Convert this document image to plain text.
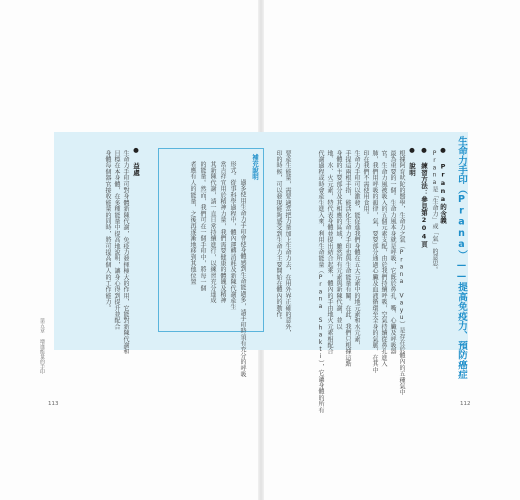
生命力手印（Prana）——提高免疫力、預防癌症
● Prana的含義
Prana是「生命力」或「氣」的意思。
● 練習方法：參見第204頁
● 說明
根據阿育吠陀的醫學，生命力之氣（Prana Vayu）是存在於體內的五種氣中
最為重要的一個。生命力風本身就是呼吸，它既於鼻孔、嘴、心臟及呼吸器
官。生命力風被吸入的五個元素支配，由於我們持續呼吸，空氣持續從鼻孔進入
肺，我們用呼吸的韻律，氣，要要部分通過心臟及血液循環至全身的氣脈，在其中
印在我們不需使用食用。
生命力手印可以激發，能促進我們身體在五大元素中的地元素和水元素，
手提這兩根手指，能活化生命力手印也與生命能量有關。在此，我們只根據這點
身體的主要部分及其相應的區域，雖然所有元素與新陳代謝，並以
地、水、火元素，特代表身體並提出結合起來，體內的手由地火元素相配合
代謝過程或時會產生進入來，利用生命能量（Prana Shakti），它讓身體的所有
要產生能量，需要適當把力量加上生命力去，在用外界正確的意外，
印的時候，可以發現能夠感受到生命力主要開始在體內的動作。
補充說明
過多使用生命力手印會使身體感到生命能過多，請手印時須有充分的呼吸
形式。從事科學過程中，體內運轉消耗及新陳代謝產生
當吉祥宜用於精神力量，我們需要健康的體魄及精神
其新陳代謝，請一直日常持續進行，以練習充分達成
的能量。然而，我們可在一個手印中，將每一個
者應有人的能量，之後再逐漸地移到其他位置
● 益處
生命力手印可對身體新陳代謝，免疫力發揮極大的作用，它能對新陳代謝和
目標在本身體，在多種能量中提高地說明，讓身心得到提升並配合
身體每個器官接收能量的同時，將可提高個人的工作能力。
第五章 增進能量的手印
113	112
